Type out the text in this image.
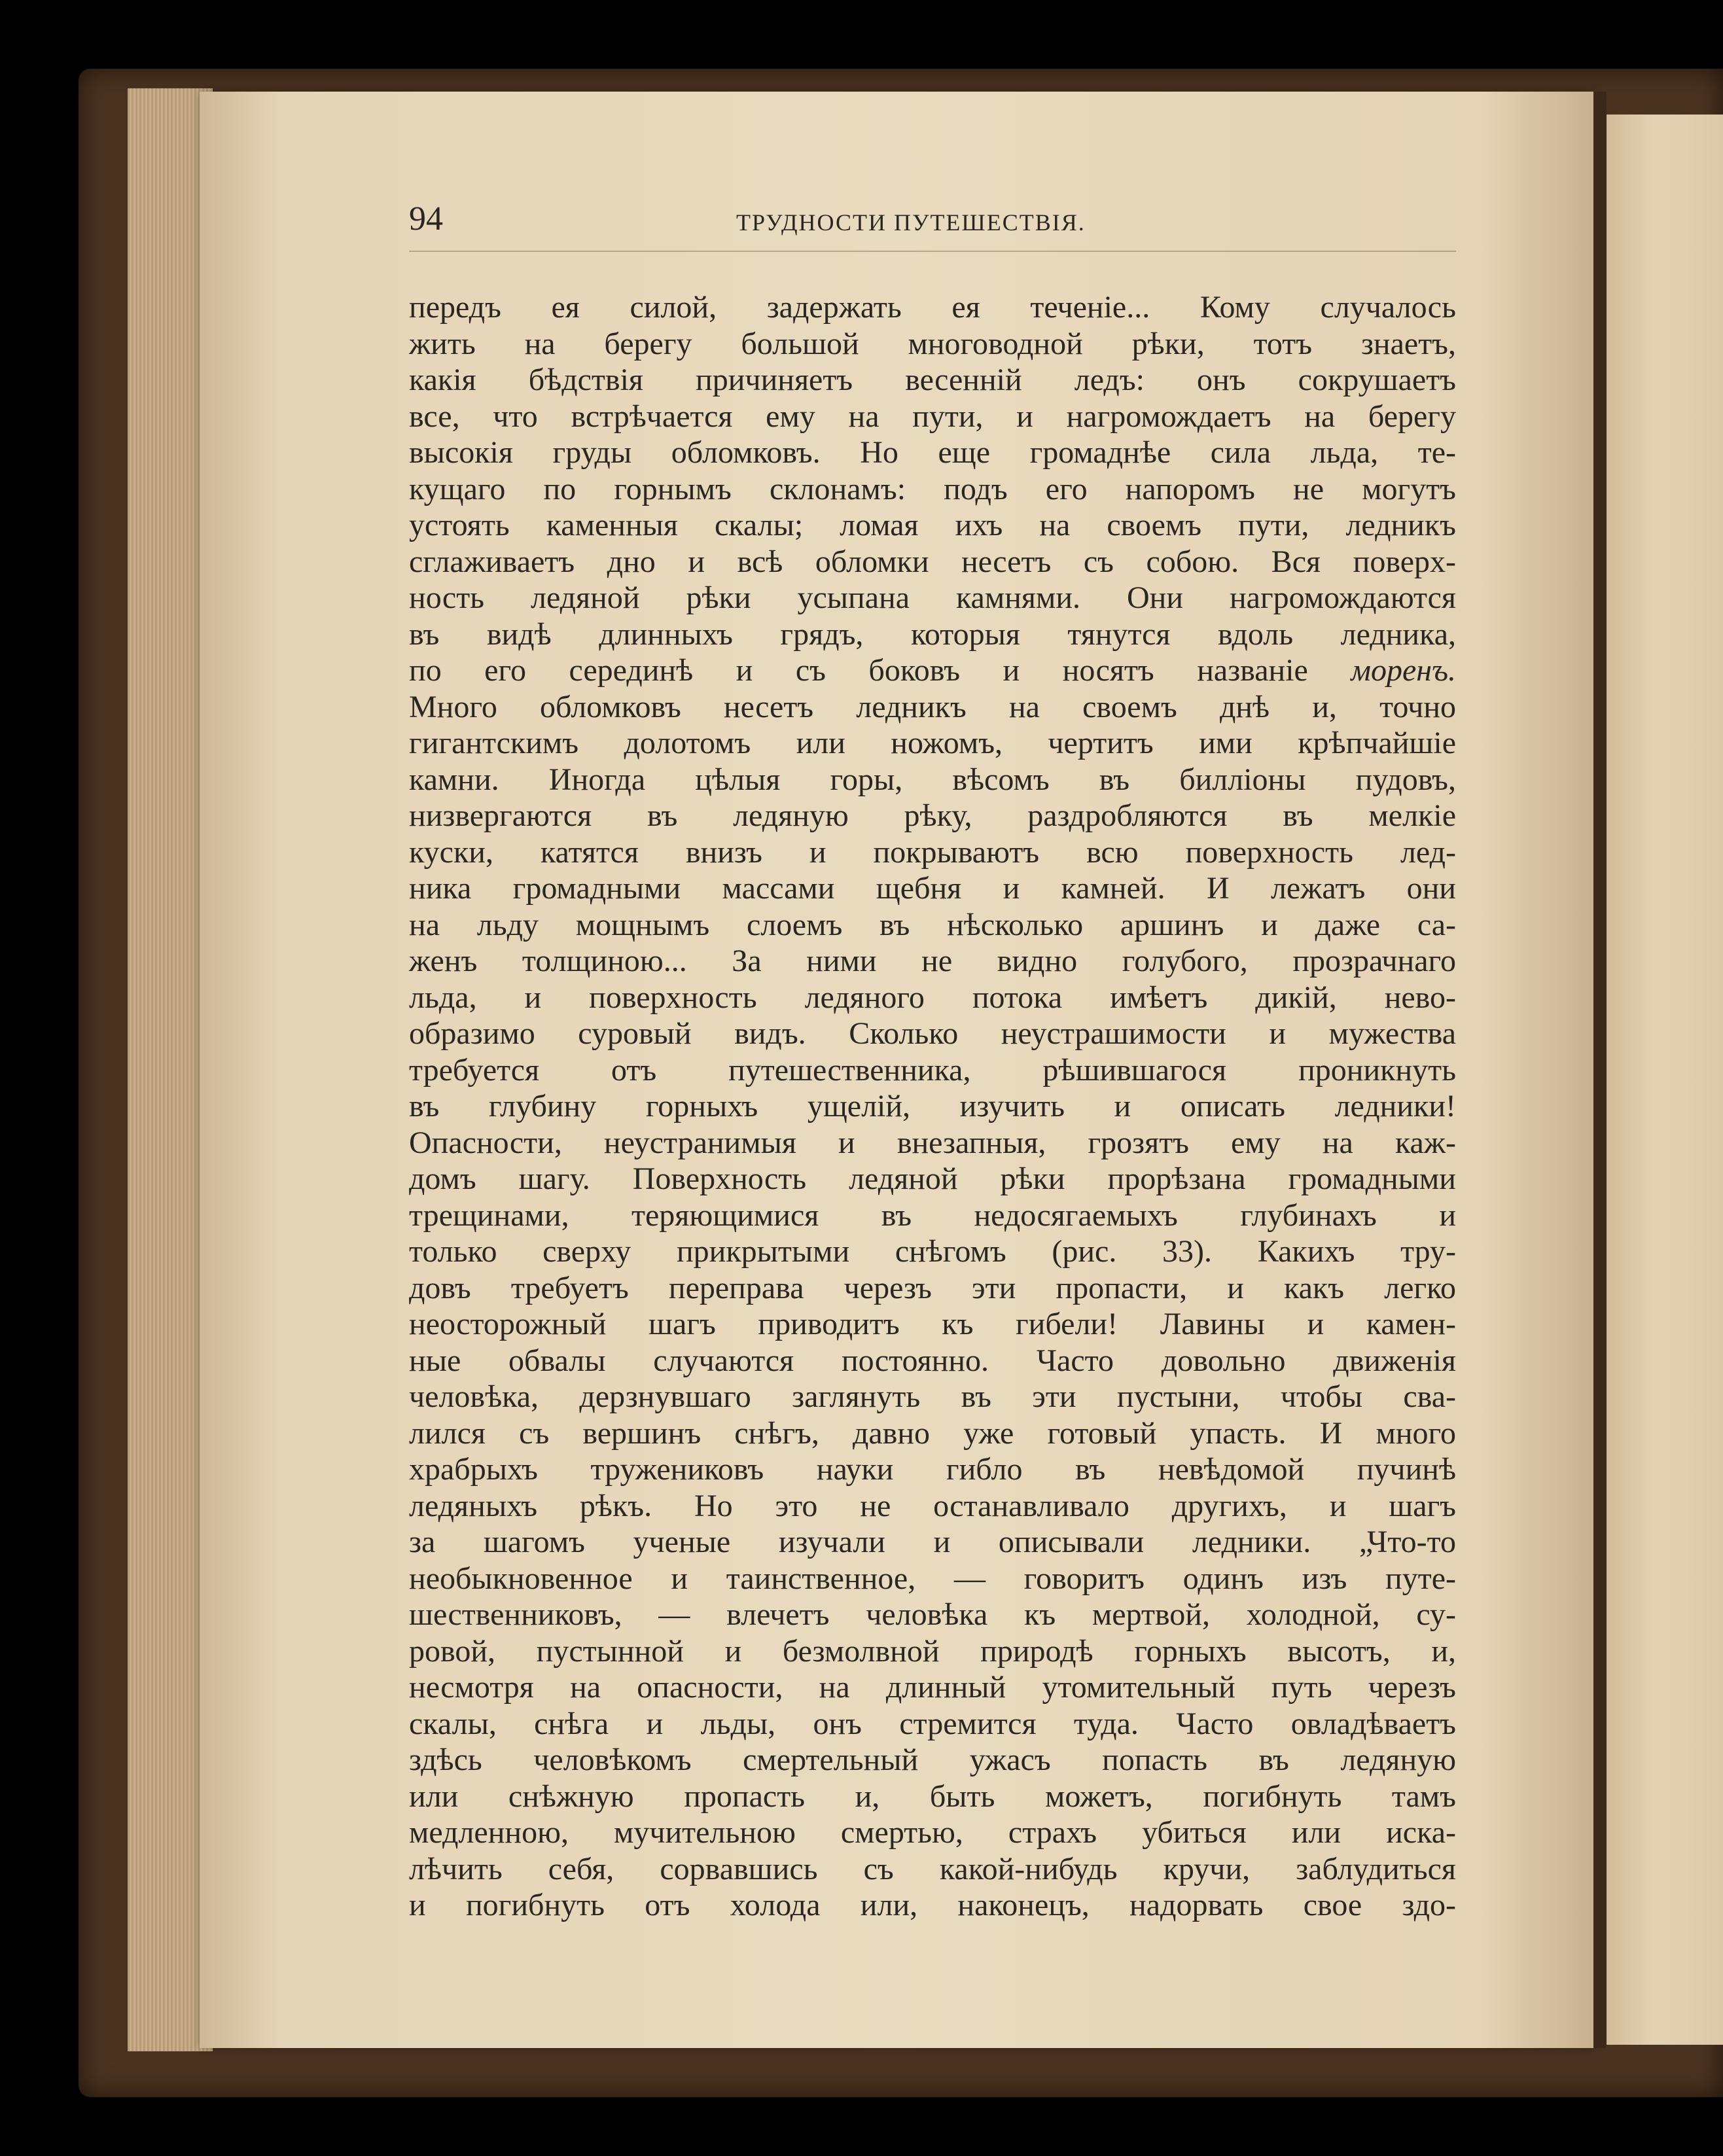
94	ТРУДНОСТИ ПУТЕШЕСТВІЯ.
передъ ея силой, задержать ея теченіе... Кому случалось
жить на берегу большой многоводной рѣки, тотъ знаетъ,
какія бѣдствія причиняетъ весенній ледъ: онъ сокрушаетъ
все, что встрѣчается ему на пути, и нагромождаетъ на берегу
высокія груды обломковъ. Но еще громаднѣе сила льда, те-
кущаго по горнымъ склонамъ: подъ его напоромъ не могутъ
устоять каменныя скалы; ломая ихъ на своемъ пути, ледникъ
сглаживаетъ дно и всѣ обломки несетъ съ собою. Вся поверх-
ность ледяной рѣки усыпана камнями. Они нагромождаются
въ видѣ длинныхъ грядъ, которыя тянутся вдоль ледника,
по его серединѣ и съ боковъ и носятъ названіе моренъ.
Много обломковъ несетъ ледникъ на своемъ днѣ и, точно
гигантскимъ долотомъ или ножомъ, чертитъ ими крѣпчайшіе
камни. Иногда цѣлыя горы, вѣсомъ въ билліоны пудовъ,
низвергаются въ ледяную рѣку, раздробляются въ мелкіе
куски, катятся внизъ и покрываютъ всю поверхность лед-
ника громадными массами щебня и камней. И лежатъ они
на льду мощнымъ слоемъ въ нѣсколько аршинъ и даже са-
женъ толщиною... За ними не видно голубого, прозрачнаго
льда, и поверхность ледяного потока имѣетъ дикій, нево-
образимо суровый видъ. Сколько неустрашимости и мужества
требуется отъ путешественника, рѣшившагося проникнуть
въ глубину горныхъ ущелій, изучить и описать ледники!
Опасности, неустранимыя и внезапныя, грозятъ ему на каж-
домъ шагу. Поверхность ледяной рѣки прорѣзана громадными
трещинами, теряющимися въ недосягаемыхъ глубинахъ и
только сверху прикрытыми снѣгомъ (рис. 33). Какихъ тру-
довъ требуетъ переправа черезъ эти пропасти, и какъ легко
неосторожный шагъ приводитъ къ гибели! Лавины и камен-
ные обвалы случаются постоянно. Часто довольно движенія
человѣка, дерзнувшаго заглянуть въ эти пустыни, чтобы сва-
лился съ вершинъ снѣгъ, давно уже готовый упасть. И много
храбрыхъ тружениковъ науки гибло въ невѣдомой пучинѣ
ледяныхъ рѣкъ. Но это не останавливало другихъ, и шагъ
за шагомъ ученые изучали и описывали ледники. „Что-то
необыкновенное и таинственное, — говоритъ одинъ изъ путе-
шественниковъ, — влечетъ человѣка къ мертвой, холодной, су-
ровой, пустынной и безмолвной природѣ горныхъ высотъ, и,
несмотря на опасности, на длинный утомительный путь черезъ
скалы, снѣга и льды, онъ стремится туда. Часто овладѣваетъ
здѣсь человѣкомъ смертельный ужасъ попасть въ ледяную
или снѣжную пропасть и, быть можетъ, погибнуть тамъ
медленною, мучительною смертью, страхъ убиться или иска-
лѣчить себя, сорвавшись съ какой-нибудь кручи, заблудиться
и погибнуть отъ холода или, наконецъ, надорвать свое здо-
